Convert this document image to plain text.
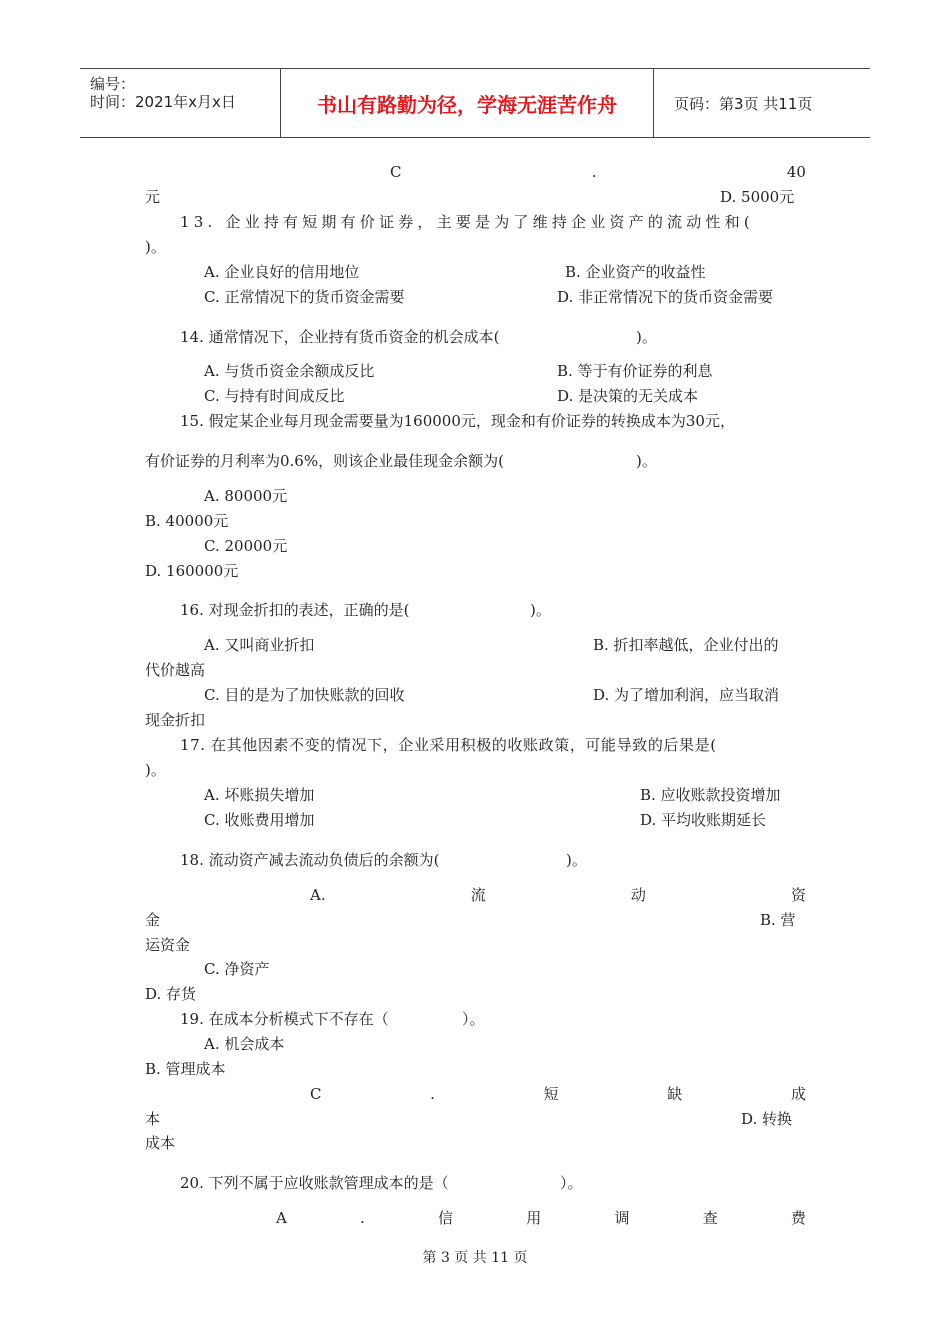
编号：
时间：2021年x月x日	书山有路勤为径，学海无涯苦作舟	页码：第3页 共11页
C	.	40
元	D. 5000元
13. 企业持有短期有价证券，主要是为了维持企业资产的流动性和(
)。
A. 企业良好的信用地位	B. 企业资产的收益性
C. 正常情况下的货币资金需要	D. 非正常情况下的货币资金需要
14. 通常情况下，企业持有货币资金的机会成本(	)。
A. 与货币资金余额成反比	B. 等于有价证券的利息
C. 与持有时间成反比	D. 是决策的无关成本
15. 假定某企业每月现金需要量为160000元，现金和有价证券的转换成本为30元，
有价证券的月利率为0.6%，则该企业最佳现金余额为(	)。
A. 80000元
B. 40000元
C. 20000元
D. 160000元
16. 对现金折扣的表述，正确的是(	)。
A. 又叫商业折扣	B. 折扣率越低，企业付出的
代价越高
C. 目的是为了加快账款的回收	D. 为了增加利润，应当取消
现金折扣
17. 在其他因素不变的情况下，企业采用积极的收账政策，可能导致的后果是(
)。
A. 坏账损失增加	B. 应收账款投资增加
C. 收账费用增加	D. 平均收账期延长
18. 流动资产减去流动负债后的余额为(	)。
A.	流	动	资
金	B. 营
运资金
C. 净资产
D. 存货
19. 在成本分析模式下不存在（	）。
A. 机会成本
B. 管理成本
C	.	短	缺	成
本	D. 转换
成本
20. 下列不属于应收账款管理成本的是（	）。
A	.	信	用	调	查	费
第 3 页 共 11 页
